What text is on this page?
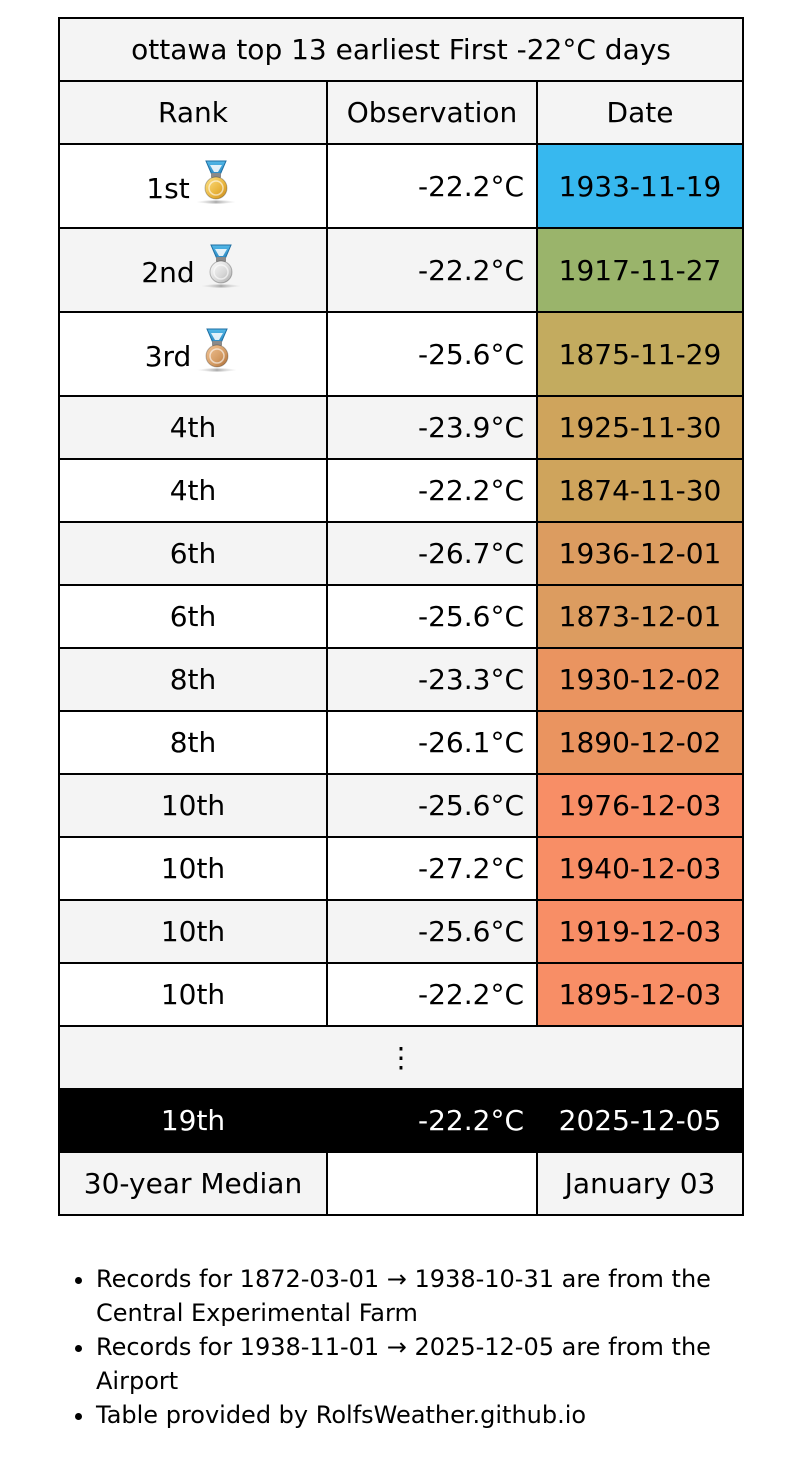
ottawa top 13 earliest First -22°C days		
Rank	Observation	Date

1st	-22.2°C	1933-11-19

2nd	-22.2°C	1917-11-27

3rd	-25.6°C	1875-11-29
4th	-23.9°C	1925-11-30
4th	-22.2°C	1874-11-30
6th	-26.7°C	1936-12-01
6th	-25.6°C	1873-12-01
8th	-23.3°C	1930-12-02
8th	-26.1°C	1890-12-02
10th	-25.6°C	1976-12-03
10th	-27.2°C	1940-12-03
10th	-25.6°C	1919-12-03
10th	-22.2°C	1895-12-03
⋮		
19th	-22.2°C	2025-12-05
30-year Median		January 03
• Records for 1872-03-01 → 1938-10-31 are from the Central Experimental Farm
• Records for 1938-11-01 → 2025-12-05 are from the Airport
• Table provided by RolfsWeather.github.io
